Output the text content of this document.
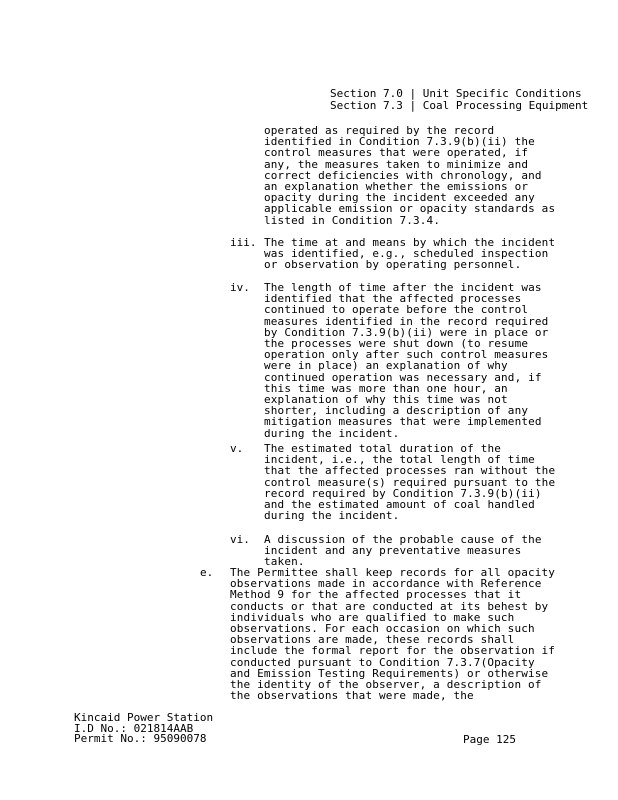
Section 7.0 | Unit Specific Conditions
Section 7.3 | Coal Processing Equipment
operated as required by the record identified in Condition 7.3.9(b)(ii) the control measures that were operated, if any, the measures taken to minimize and correct deficiencies with chronology, and an explanation whether the emissions or opacity during the incident exceeded any applicable emission or opacity standards as listed in Condition 7.3.4.
iii. The time at and means by which the incident was identified, e.g., scheduled inspection or observation by operating personnel.
iv. The length of time after the incident was identified that the affected processes continued to operate before the control measures identified in the record required by Condition 7.3.9(b)(ii) were in place or the processes were shut down (to resume operation only after such control measures were in place) an explanation of why continued operation was necessary and, if this time was more than one hour, an explanation of why this time was not shorter, including a description of any mitigation measures that were implemented during the incident.
v. The estimated total duration of the incident, i.e., the total length of time that the affected processes ran without the control measure(s) required pursuant to the record required by Condition 7.3.9(b)(ii) and the estimated amount of coal handled during the incident.
vi. A discussion of the probable cause of the incident and any preventative measures taken.
e. The Permittee shall keep records for all opacity observations made in accordance with Reference Method 9 for the affected processes that it conducts or that are conducted at its behest by individuals who are qualified to make such observations. For each occasion on which such observations are made, these records shall include the formal report for the observation if conducted pursuant to Condition 7.3.7(Opacity and Emission Testing Requirements) or otherwise the identity of the observer, a description of the observations that were made, the
Kincaid Power Station
I.D No.: 021814AAB
Permit No.: 95090078	Page 125
